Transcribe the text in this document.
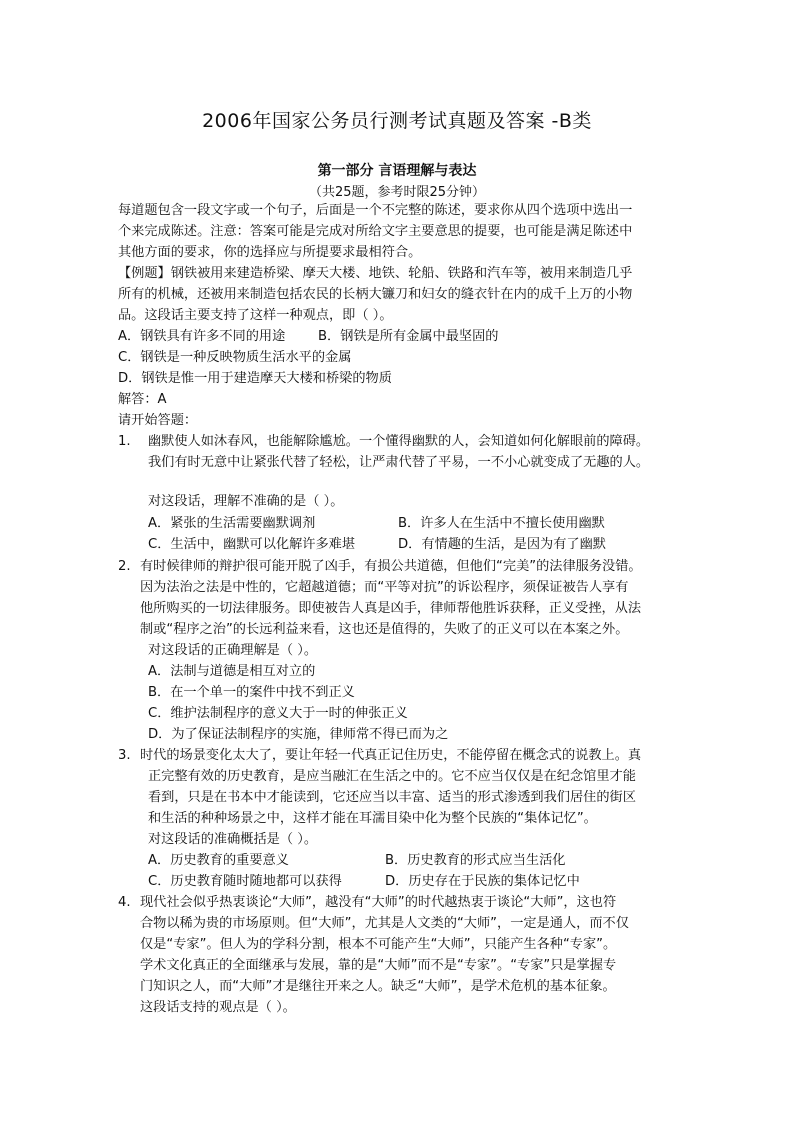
2006年国家公务员行测考试真题及答案 -B类
第一部分 言语理解与表达
（共25题，参考时限25分钟）
每道题包含一段文字或一个句子，后面是一个不完整的陈述，要求你从四个选项中选出一
个来完成陈述。注意：答案可能是完成对所给文字主要意思的提要，也可能是满足陈述中
其他方面的要求，你的选择应与所提要求最相符合。
【例题】钢铁被用来建造桥梁、摩天大楼、地铁、轮船、铁路和汽车等，被用来制造几乎
所有的机械，还被用来制造包括农民的长柄大镰刀和妇女的缝衣针在内的成千上万的小物
品。这段话主要支持了这样一种观点，即（ ）。
A．钢铁具有许多不同的用途 B．钢铁是所有金属中最坚固的
C．钢铁是一种反映物质生活水平的金属
D．钢铁是惟一用于建造摩天大楼和桥梁的物质
解答：A
请开始答题：
1. 幽默使人如沐春风，也能解除尴尬。一个懂得幽默的人，会知道如何化解眼前的障碍。
我们有时无意中让紧张代替了轻松，让严肃代替了平易，一不小心就变成了无趣的人。
对这段话，理解不准确的是（ ）。
A．紧张的生活需要幽默调剂	B．许多人在生活中不擅长使用幽默
C．生活中，幽默可以化解许多难堪	D．有情趣的生活，是因为有了幽默
2. 有时候律师的辩护很可能开脱了凶手，有损公共道德，但他们“完美”的法律服务没错。
因为法治之法是中性的，它超越道德；而“平等对抗”的诉讼程序，须保证被告人享有
他所购买的一切法律服务。即使被告人真是凶手，律师帮他胜诉获释，正义受挫，从法
制或“程序之治”的长远利益来看，这也还是值得的，失败了的正义可以在本案之外。
对这段话的正确理解是（ ）。
A．法制与道德是相互对立的
B．在一个单一的案件中找不到正义
C．维护法制程序的意义大于一时的伸张正义
D．为了保证法制程序的实施，律师常不得已而为之
3. 时代的场景变化太大了，要让年轻一代真正记住历史，不能停留在概念式的说教上。真
正完整有效的历史教育，是应当融汇在生活之中的。它不应当仅仅是在纪念馆里才能
看到，只是在书本中才能读到，它还应当以丰富、适当的形式渗透到我们居住的街区
和生活的种种场景之中，这样才能在耳濡目染中化为整个民族的“集体记忆”。
对这段话的准确概括是（ ）。
A．历史教育的重要意义	B．历史教育的形式应当生活化
C．历史教育随时随地都可以获得	D．历史存在于民族的集体记忆中
4. 现代社会似乎热衷谈论“大师”，越没有“大师”的时代越热衷于谈论“大师”，这也符
合物以稀为贵的市场原则。但“大师”，尤其是人文类的“大师”，一定是通人，而不仅
仅是“专家”。但人为的学科分割，根本不可能产生“大师”，只能产生各种“专家”。
学术文化真正的全面继承与发展，靠的是“大师”而不是“专家”。“专家”只是掌握专
门知识之人，而“大师”才是继往开来之人。缺乏“大师”，是学术危机的基本征象。
这段话支持的观点是（ ）。
